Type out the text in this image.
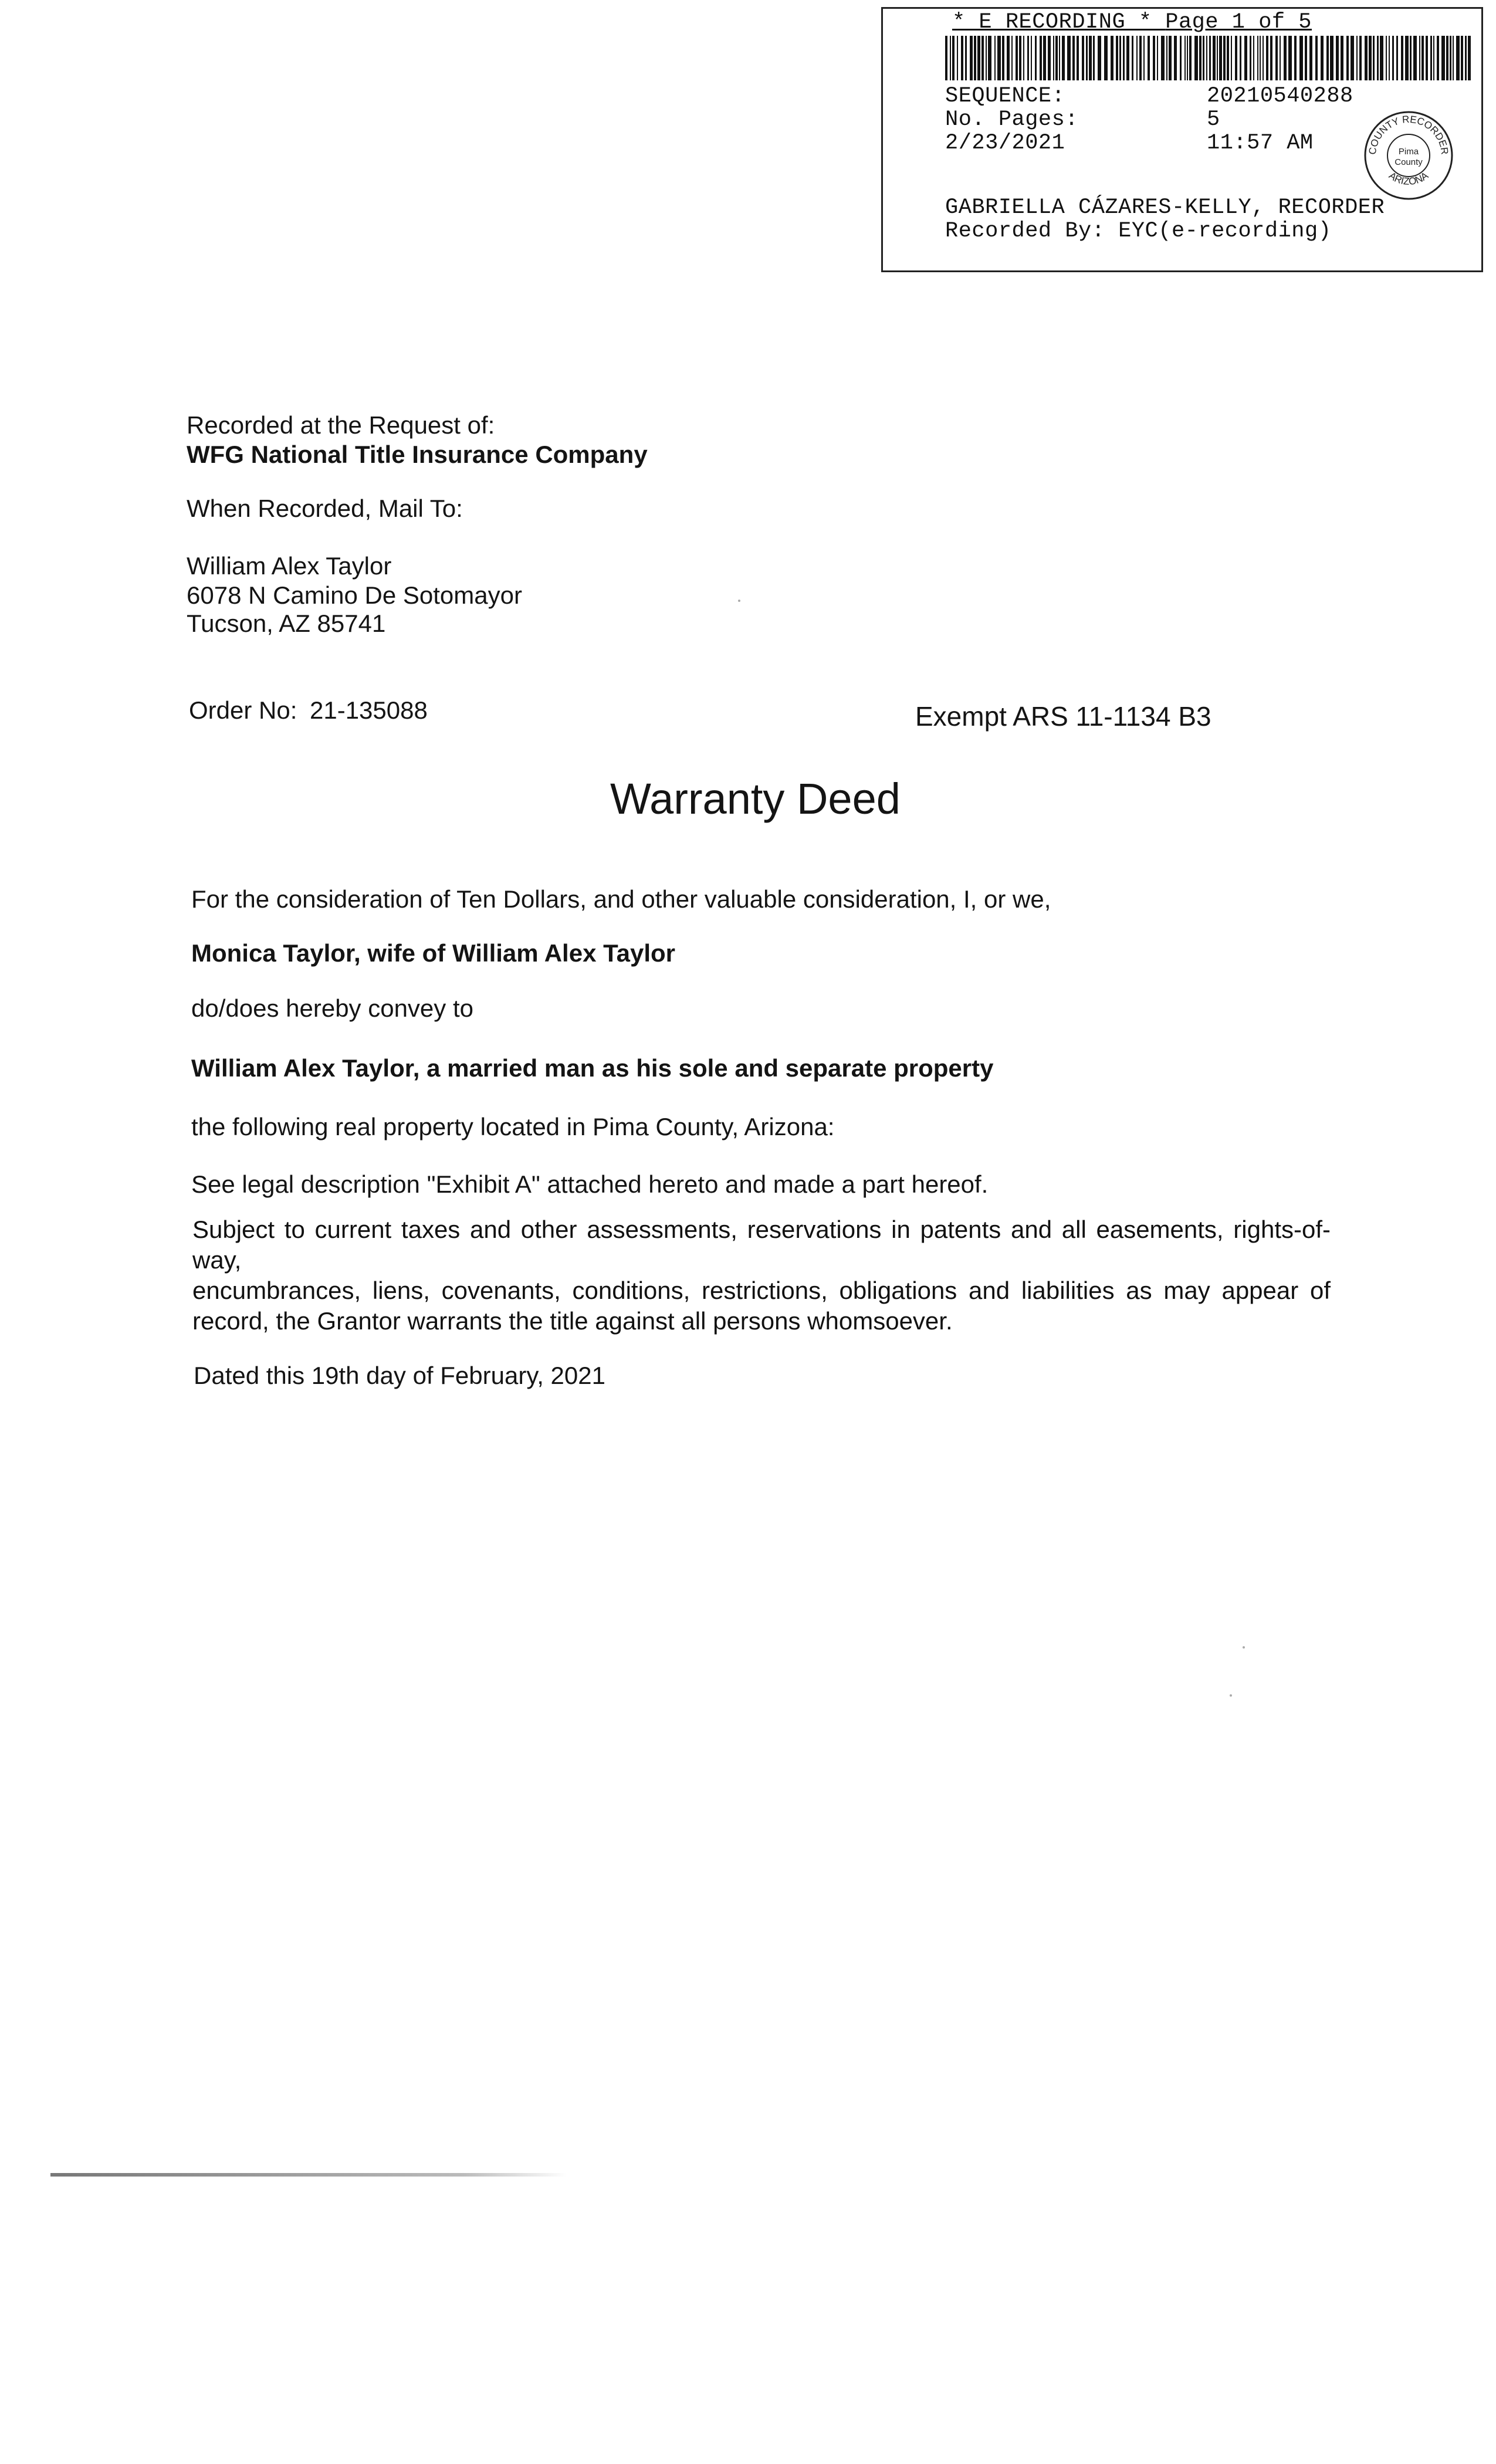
* E RECORDING * Page 1 of 5
SEQUENCE:	20210540288
No. Pages:	5
2/23/2021	11:57 AM
GABRIELLA CÁZARES-KELLY, RECORDER
Recorded By: EYC(e-recording)
COUNTY RECORDER
ARIZONA
Pima
County
Recorded at the Request of:
WFG National Title Insurance Company
When Recorded, Mail To:
William Alex Taylor
6078 N Camino De Sotomayor
Tucson, AZ 85741
Order No: 21-135088	Exempt ARS 11-1134 B3
Warranty Deed
For the consideration of Ten Dollars, and other valuable consideration, I, or we,
Monica Taylor, wife of William Alex Taylor
do/does hereby convey to
William Alex Taylor, a married man as his sole and separate property
the following real property located in Pima County, Arizona:
See legal description "Exhibit A" attached hereto and made a part hereof.
Subject to current taxes and other assessments, reservations in patents and all easements, rights-of-way,
encumbrances, liens, covenants, conditions, restrictions, obligations and liabilities as may appear of
record, the Grantor warrants the title against all persons whomsoever.
Dated this 19th day of February, 2021
